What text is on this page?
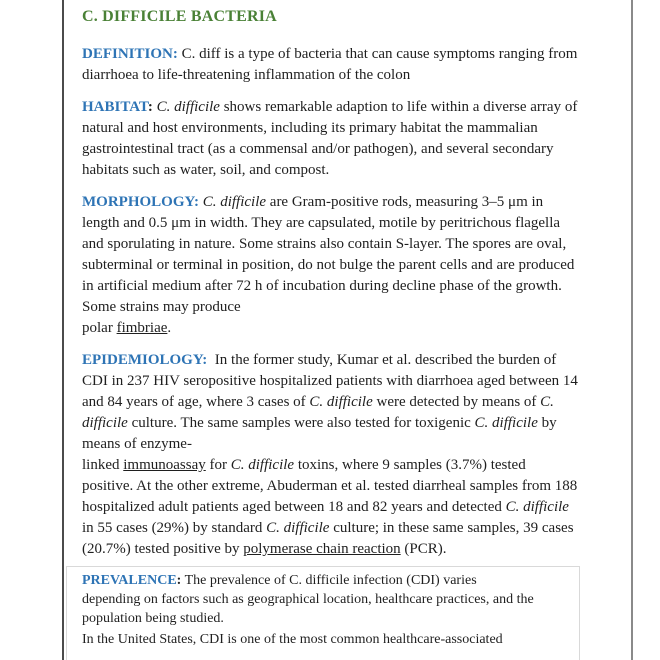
C. DIFFICILE BACTERIA

DEFINITION: C. diff is a type of bacteria that can cause symptoms ranging from diarrhoea to life-threatening inflammation of the colon

HABITAT: C. difficile shows remarkable adaption to life within a diverse array of natural and host environments, including its primary habitat the mammalian gastrointestinal tract (as a commensal and/or pathogen), and several secondary habitats such as water, soil, and compost.

MORPHOLOGY: C. difficile are Gram-positive rods, measuring 3–5 μm in length and 0.5 μm in width. They are capsulated, motile by peritrichous flagella and sporulating in nature. Some strains also contain S-layer. The spores are oval, subterminal or terminal in position, do not bulge the parent cells and are produced in artificial medium after 72 h of incubation during decline phase of the growth. Some strains may produce
polar fimbriae.

EPIDEMIOLOGY:  In the former study, Kumar et al. described the burden of CDI in 237 HIV seropositive hospitalized patients with diarrhoea aged between 14 and 84 years of age, where 3 cases of C. difficile were detected by means of C. difficile culture. The same samples were also tested for toxigenic C. difficile by means of enzyme-
linked immunoassay for C. difficile toxins, where 9 samples (3.7%) tested positive. At the other extreme, Abuderman et al. tested diarrheal samples from 188 hospitalized adult patients aged between 18 and 82 years and detected C. difficile in 55 cases (29%) by standard C. difficile culture; in these same samples, 39 cases (20.7%) tested positive by polymerase chain reaction (PCR).

PREVALENCE: The prevalence of C. difficile infection (CDI) varies depending on factors such as geographical location, healthcare practices, and the population being studied.

In the United States, CDI is one of the most common healthcare-associated
